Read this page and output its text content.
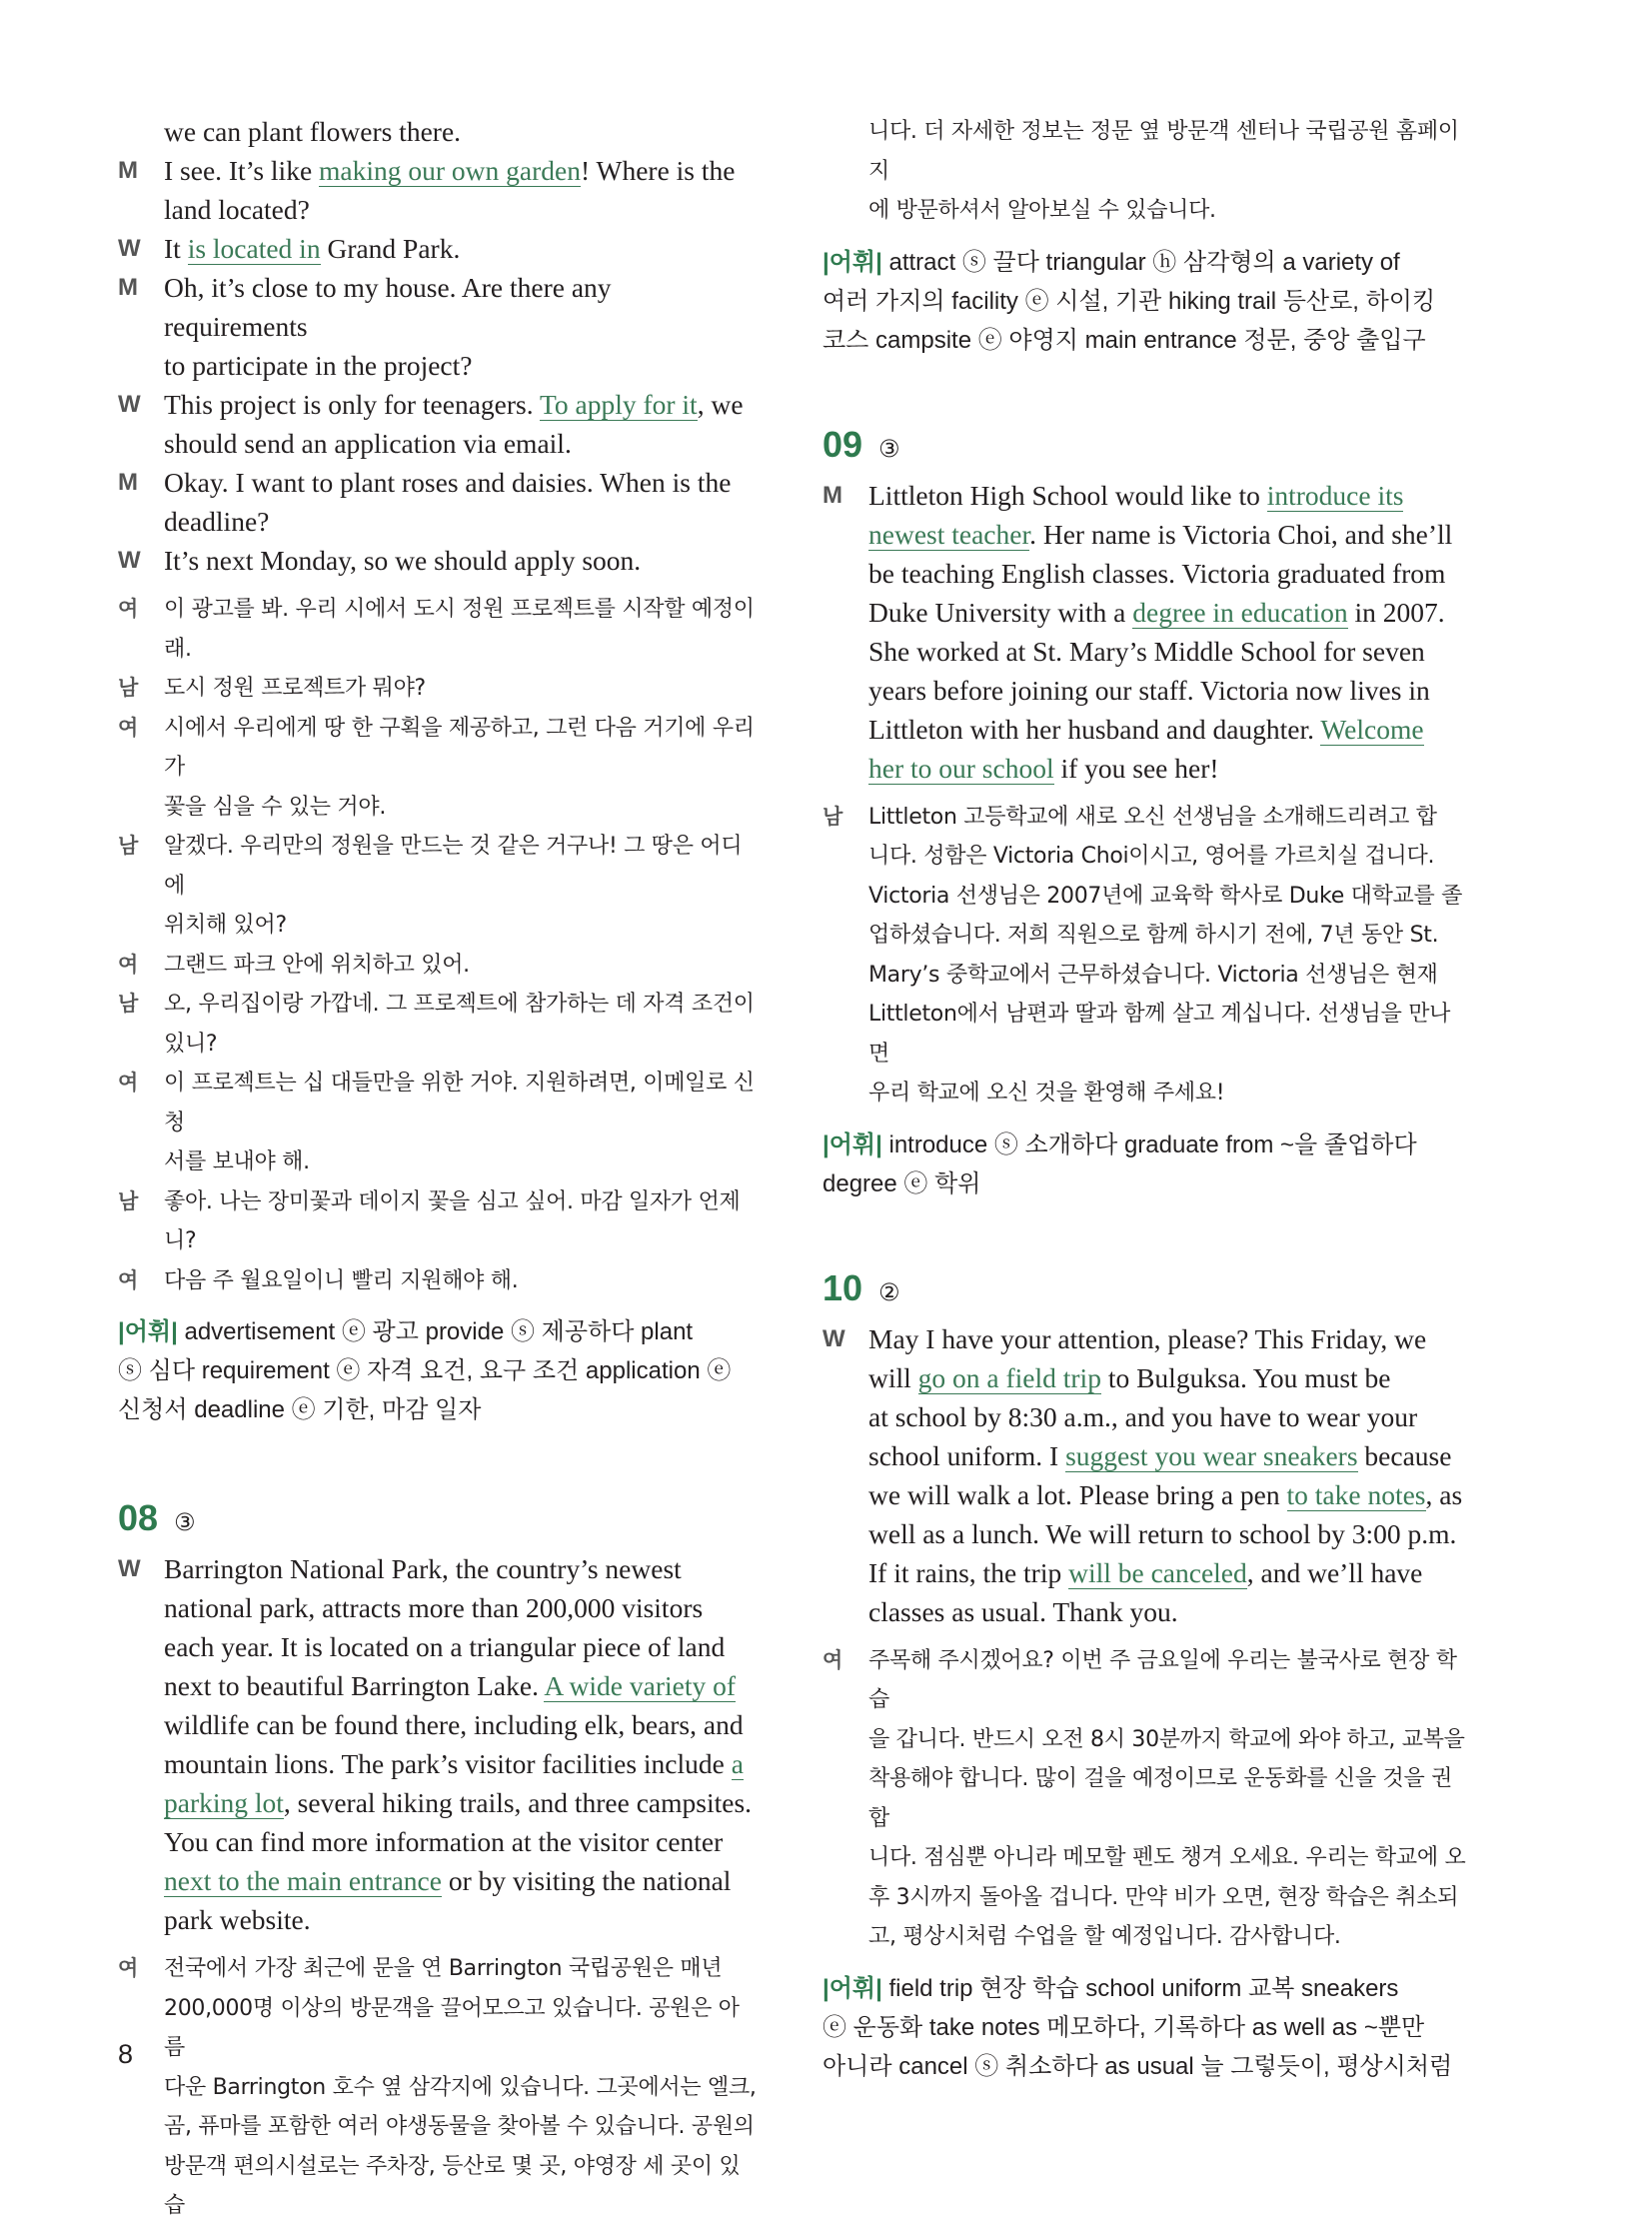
we can plant flowers there.
M I see. It’s like making our own garden! Where is the
land located?
W It is located in Grand Park.
M Oh, it’s close to my house. Are there any requirements
to participate in the project?
W This project is only for teenagers. To apply for it, we
should send an application via email.
M Okay. I want to plant roses and daisies. When is the
deadline?
W It’s next Monday, so we should apply soon.
여 이 광고를 봐. 우리 시에서 도시 정원 프로젝트를 시작할 예정이
래.
남 도시 정원 프로젝트가 뭐야?
여 시에서 우리에게 땅 한 구획을 제공하고, 그런 다음 거기에 우리가
꽃을 심을 수 있는 거야.
남 알겠다. 우리만의 정원을 만드는 것 같은 거구나! 그 땅은 어디에
위치해 있어?
여 그랜드 파크 안에 위치하고 있어.
남 오, 우리집이랑 가깝네. 그 프로젝트에 참가하는 데 자격 조건이
있니?
여 이 프로젝트는 십 대들만을 위한 거야. 지원하려면, 이메일로 신청
서를 보내야 해.
남 좋아. 나는 장미꽃과 데이지 꽃을 심고 싶어. 마감 일자가 언제니?
여 다음 주 월요일이니 빨리 지원해야 해.
|어휘| advertisement ⓔ 광고 provide ⓢ 제공하다 plant
ⓢ 심다 requirement ⓔ 자격 요건, 요구 조건 application ⓔ
신청서 deadline ⓔ 기한, 마감 일자
08 ③
W Barrington National Park, the country’s newest
national park, attracts more than 200,000 visitors
each year. It is located on a triangular piece of land
next to beautiful Barrington Lake. A wide variety of
wildlife can be found there, including elk, bears, and
mountain lions. The park’s visitor facilities include a
parking lot, several hiking trails, and three campsites.
You can find more information at the visitor center
next to the main entrance or by visiting the national
park website.
여 전국에서 가장 최근에 문을 연 Barrington 국립공원은 매년
200,000명 이상의 방문객을 끌어모으고 있습니다. 공원은 아름
다운 Barrington 호수 옆 삼각지에 있습니다. 그곳에서는 엘크,
곰, 퓨마를 포함한 여러 야생동물을 찾아볼 수 있습니다. 공원의
방문객 편의시설로는 주차장, 등산로 몇 곳, 야영장 세 곳이 있습
니다. 더 자세한 정보는 정문 옆 방문객 센터나 국립공원 홈페이지
에 방문하셔서 알아보실 수 있습니다.
|어휘| attract ⓢ 끌다 triangular ⓗ 삼각형의 a variety of
여러 가지의 facility ⓔ 시설, 기관 hiking trail 등산로, 하이킹
코스 campsite ⓔ 야영지 main entrance 정문, 중앙 출입구
09 ③
M Littleton High School would like to introduce its
newest teacher. Her name is Victoria Choi, and she’ll
be teaching English classes. Victoria graduated from
Duke University with a degree in education in 2007.
She worked at St. Mary’s Middle School for seven
years before joining our staff. Victoria now lives in
Littleton with her husband and daughter. Welcome
her to our school if you see her!
남 Littleton 고등학교에 새로 오신 선생님을 소개해드리려고 합
니다. 성함은 Victoria Choi이시고, 영어를 가르치실 겁니다.
Victoria 선생님은 2007년에 교육학 학사로 Duke 대학교를 졸
업하셨습니다. 저희 직원으로 함께 하시기 전에, 7년 동안 St.
Mary’s 중학교에서 근무하셨습니다. Victoria 선생님은 현재
Littleton에서 남편과 딸과 함께 살고 계십니다. 선생님을 만나면
우리 학교에 오신 것을 환영해 주세요!
|어휘| introduce ⓢ 소개하다 graduate from ~을 졸업하다
degree ⓔ 학위
10 ②
W May I have your attention, please? This Friday, we
will go on a field trip to Bulguksa. You must be
at school by 8:30 a.m., and you have to wear your
school uniform. I suggest you wear sneakers because
we will walk a lot. Please bring a pen to take notes, as
well as a lunch. We will return to school by 3:00 p.m.
If it rains, the trip will be canceled, and we’ll have
classes as usual. Thank you.
여 주목해 주시겠어요? 이번 주 금요일에 우리는 불국사로 현장 학습
을 갑니다. 반드시 오전 8시 30분까지 학교에 와야 하고, 교복을
착용해야 합니다. 많이 걸을 예정이므로 운동화를 신을 것을 권합
니다. 점심뿐 아니라 메모할 펜도 챙겨 오세요. 우리는 학교에 오
후 3시까지 돌아올 겁니다. 만약 비가 오면, 현장 학습은 취소되
고, 평상시처럼 수업을 할 예정입니다. 감사합니다.
|어휘| field trip 현장 학습 school uniform 교복 sneakers
ⓔ 운동화 take notes 메모하다, 기록하다 as well as ~뿐만
아니라 cancel ⓢ 취소하다 as usual 늘 그렇듯이, 평상시처럼
8
